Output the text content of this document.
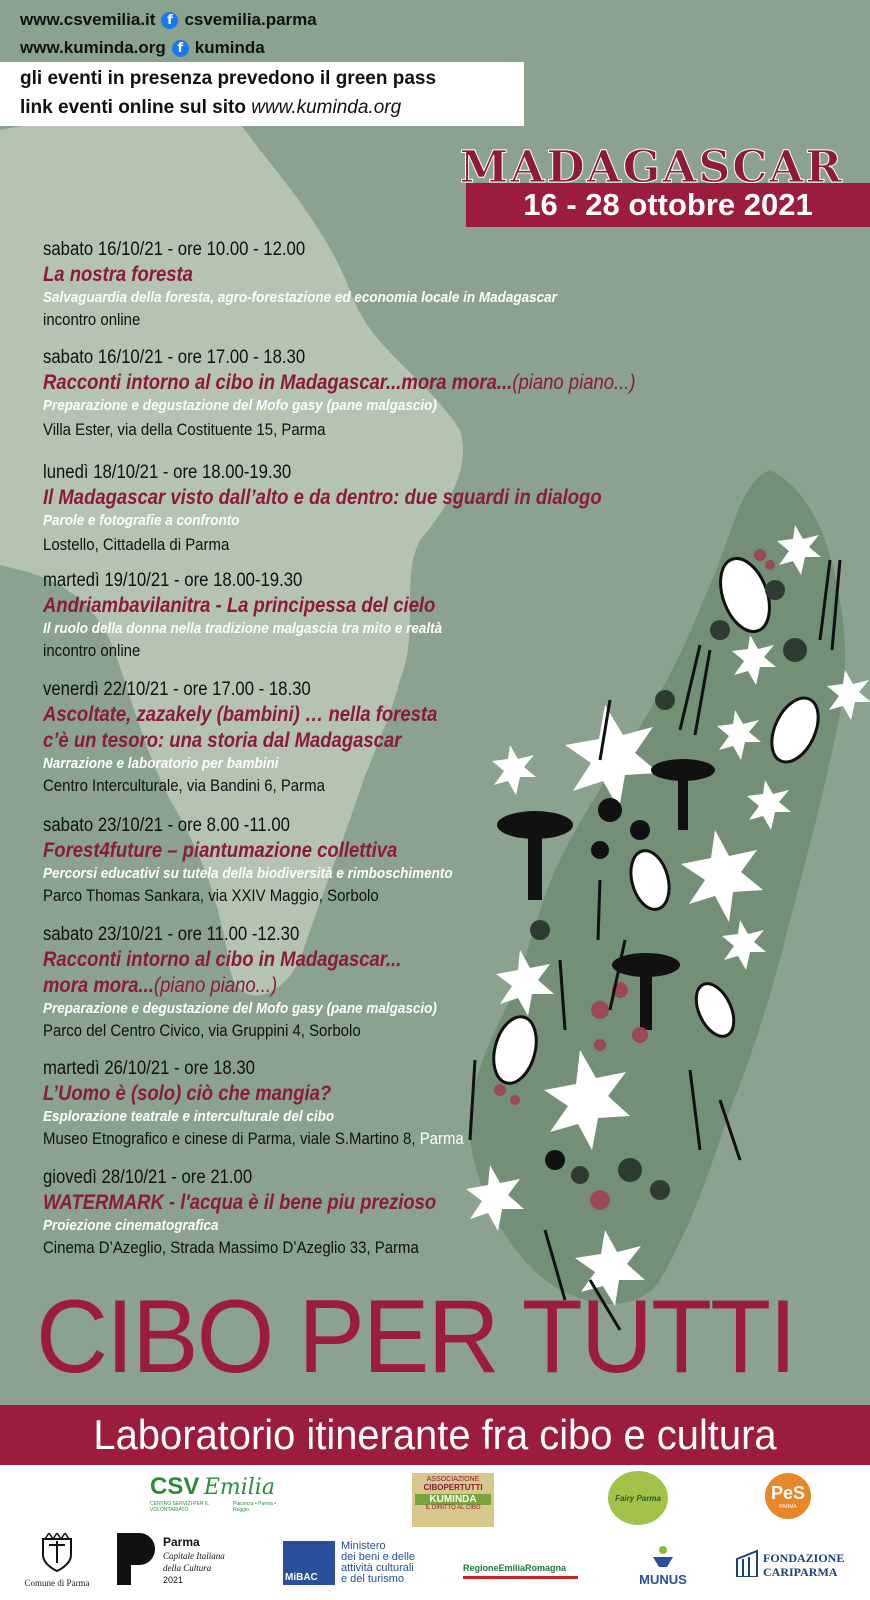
www.csvemilia.it f csvemilia.parma
www.kuminda.org f kuminda
gli eventi in presenza prevedono il green pass
link eventi online sul sito www.kuminda.org
MADAGASCAR
16 - 28 ottobre 2021
sabato 16/10/21 - ore 10.00 - 12.00
La nostra foresta
Salvaguardia della foresta, agro-forestazione ed economia locale in Madagascar
incontro online
sabato 16/10/21 - ore 17.00 - 18.30
Racconti intorno al cibo in Madagascar...mora mora...(piano piano...)
Preparazione e degustazione del Mofo gasy (pane malgascio)
Villa Ester, via della Costituente 15, Parma
lunedì 18/10/21 - ore 18.00-19.30
Il Madagascar visto dall’alto e da dentro: due sguardi in dialogo
Parole e fotografie a confronto
Lostello, Cittadella di Parma
martedì 19/10/21 - ore 18.00-19.30
Andriambavilanitra - La principessa del cielo
Il ruolo della donna nella tradizione malgascia tra mito e realtà
incontro online
venerdì 22/10/21 - ore 17.00 - 18.30
Ascoltate, zazakely (bambini) … nella foresta
c’è un tesoro: una storia dal Madagascar
Narrazione e laboratorio per bambini
Centro Interculturale, via Bandini 6, Parma
sabato 23/10/21 - ore 8.00 -11.00
Forest4future – piantumazione collettiva
Percorsi educativi su tutela della biodiversità e rimboschimento
Parco Thomas Sankara, via XXIV Maggio, Sorbolo
sabato 23/10/21 - ore 11.00 -12.30
Racconti intorno al cibo in Madagascar...
mora mora...(piano piano...)
Preparazione e degustazione del Mofo gasy (pane malgascio)
Parco del Centro Civico, via Gruppini 4, Sorbolo
martedì 26/10/21 - ore 18.30
L’Uomo è (solo) ciò che mangia?
Esplorazione teatrale e interculturale del cibo
Museo Etnografico e cinese di Parma, viale S.Martino 8, Parma
giovedì 28/10/21 - ore 21.00
WATERMARK - l'acqua è il bene piu prezioso
Proiezione cinematografica
Cinema D’Azeglio, Strada Massimo D’Azeglio 33, Parma
CIBO PER TUTTI
Laboratorio itinerante fra cibo e cultura
CSV Emilia
CENTRO SERVIZI PER IL VOLONTARIATO
Piacenza • Parma • Reggio
ASSOCIAZIONE
CIBOPERTUTTI
KUMINDA
IL DIRITTO AL CIBO
Fairy Parma	PeS
PARMA
Comune di Parma
Parma
Capitale Italiana
della Cultura
2021	MiBAC
Ministero
dei beni e delle
attività culturali
e del turismo
RegioneEmiliaRomagna
MUNUS
FONDAZIONE
CARIPARMA
